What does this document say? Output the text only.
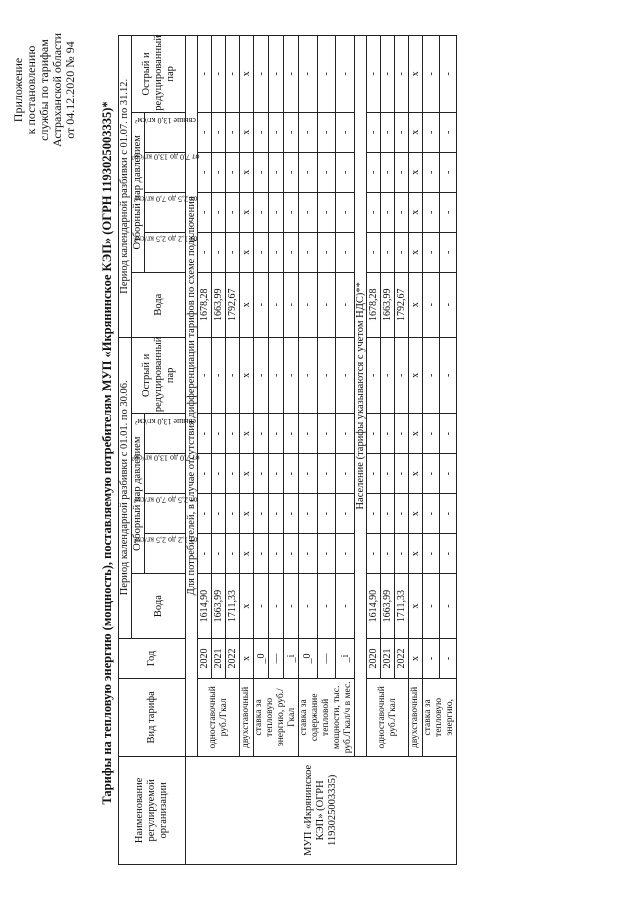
Приложение к постановлению службы по тарифам Астраханской области от 04.12.2020 № 94
Тарифы на тепловую энергию (мощность), поставляемую потребителям МУП «Икрянинское КЭП» (ОГРН 1193025003335)*
Наименование регулируемой организации	Вид тарифа	Год	Период календарной разбивки с 01.01. по 30.06.						Период календарной разбивки с 01.07. по 31.12.					
			Вода	Отборный пар давлением				Острый и редуцированный пар	Вода	Отборный пар давлением				Острый и редуцированный пар
				от 1,2 до 2,5 кг/см²	от 2,5 до 7,0 кг/см²	от 7,0 до 13,0 кг/см²	свыше 13,0 кг/см²			от 1,2 до 2,5 кг/см²	от 2,5 до 7,0 кг/см²	от 7,0 до 13,0 кг/см²	свыше 13,0 кг/см²	
МУП «Икрянинское КЭП» (ОГРН 1193025003335)	Для потребителей, в случае отсутствия дифференциации тарифов по схеме подключения													
	одноставочный руб./Гкал	2020	1614,90	-	-	-	-	-	1678,28	-	-	-	-	-
		2021	1663,99	-	-	-	-	-	1663,99	-	-	-	-	-
		2022	1711,33	-	-	-	-	-	1792,67	-	-	-	-	-
	двухставочный	х	х	х	х	х	х	х	х	х	х	х	х	х
	ставка за тепловую энергию, руб./Гкал	_0	-	-	-	-	-	-	-	-	-	-	-	-
		—	-	-	-	-	-	-	-	-	-	-	-	-
		_i	-	-	-	-	-	-	-	-	-	-	-	-
	ставка за содержание тепловой мощности, тыс. руб./Гкал/ч в мес.	_0	-	-	-	-	-	-	-	-	-	-	-	-
		—	-	-	-	-	-	-	-	-	-	-	-	-
		_i	-	-	-	-	-	-	-	-	-	-	-	-
	Население (тарифы указываются с учетом НДС)**													
	одноставочный руб./Гкал	2020	1614,90	-	-	-	-	-	1678,28	-	-	-	-	-
		2021	1663,99	-	-	-	-	-	1663,99	-	-	-	-	-
		2022	1711,33	-	-	-	-	-	1792,67	-	-	-	-	-
	двухставочный	х	х	х	х	х	х	х	х	х	х	х	х	х
	ставка за тепловую энергию,	-	-	-	-	-	-	-	-	-	-	-	-	-
		-	-	-	-	-	-	-	-	-	-	-	-	-
